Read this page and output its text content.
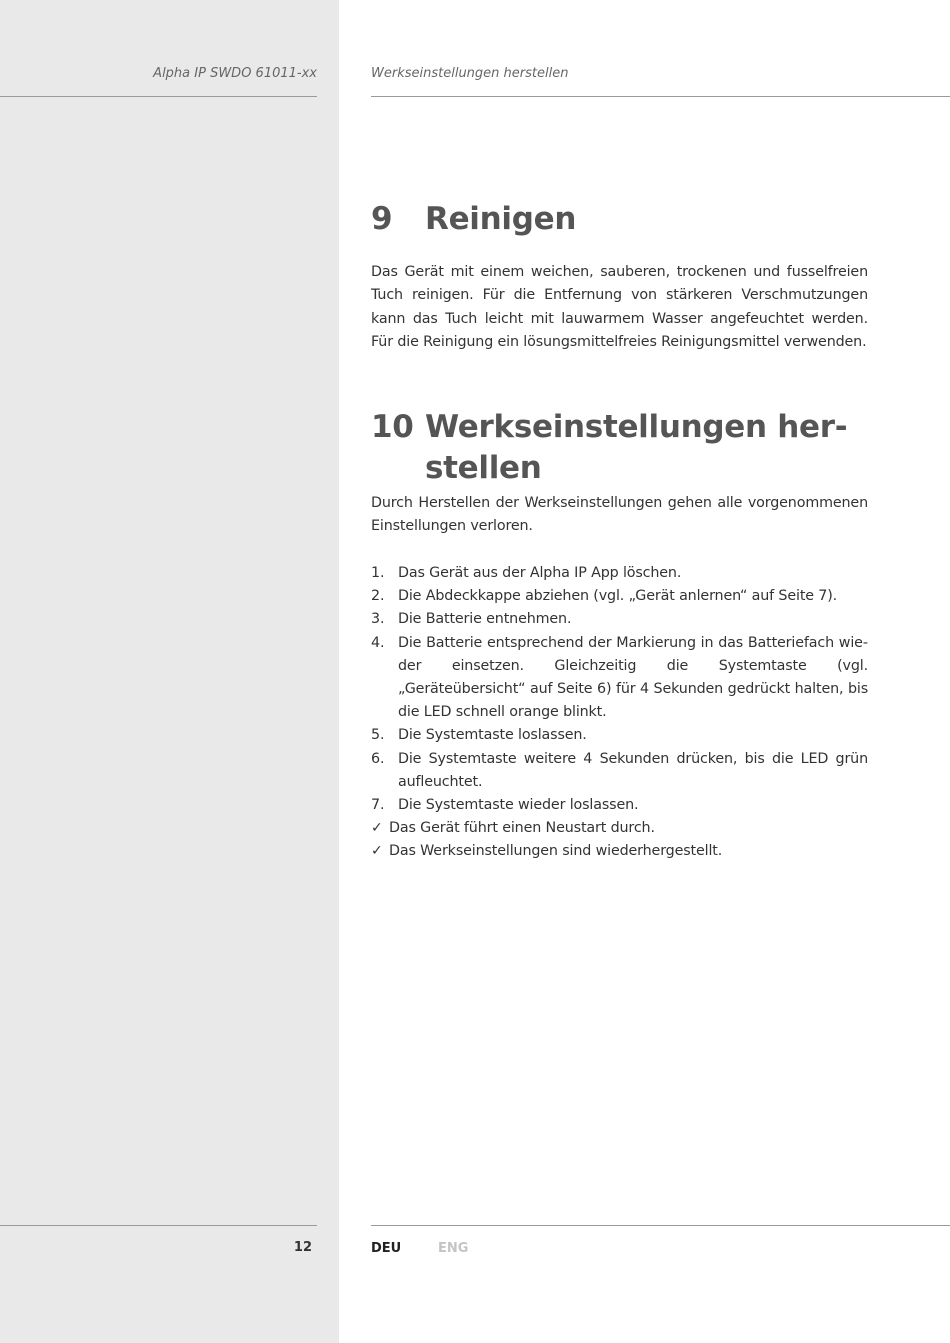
Alpha IP SWDO 61011-xx	Werkseinstellungen herstellen
9 Reinigen

Das Gerät mit einem weichen, sauberen, trockenen und fusselfreien Tuch reinigen. Für die Entfernung von stärkeren Verschmutzungen kann das Tuch leicht mit lauwarmem Wasser angefeuchtet werden. Für die Reinigung ein lösungsmittelfreies Reinigungsmittel verwenden.

10 Werkseinstellungen herstellen

Durch Herstellen der Werkseinstellungen gehen alle vorgenommenen Einstellungen verloren.

1. Das Gerät aus der Alpha IP App löschen.
2. Die Abdeckkappe abziehen (vgl. „Gerät anlernen“ auf Seite 7).
3. Die Batterie entnehmen.
4. Die Batterie entsprechend der Markierung in das Batteriefach wieder einsetzen. Gleichzeitig die Systemtaste (vgl. „Geräteübersicht“ auf Seite 6) für 4 Sekunden gedrückt halten, bis die LED schnell orange blinkt.
5. Die Systemtaste loslassen.
6. Die Systemtaste weitere 4 Sekunden drücken, bis die LED grün aufleuchtet.
7. Die Systemtaste wieder loslassen.
✓ Das Gerät führt einen Neustart durch.
✓ Das Werkseinstellungen sind wiederhergestellt.
12	DEU	ENG
